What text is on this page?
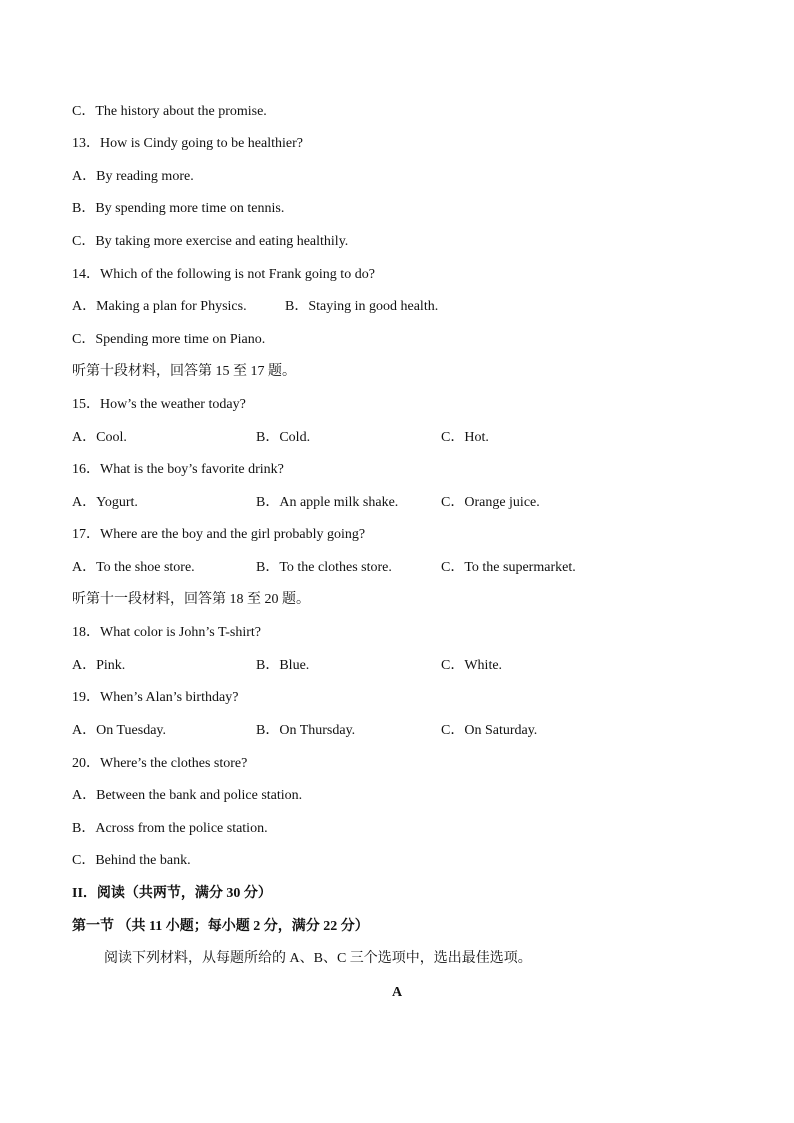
C．The history about the promise.
13．How is Cindy going to be healthier?
A．By reading more.
B．By spending more time on tennis.
C．By taking more exercise and eating healthily.
14．Which of the following is not Frank going to do?
A．Making a plan for Physics.	B．Staying in good health.
C．Spending more time on Piano.
听第十段材料，回答第 15 至 17 题。
15．How’s the weather today?
A．Cool.	B．Cold.	C．Hot.
16．What is the boy’s favorite drink?
A．Yogurt.	B．An apple milk shake.	C．Orange juice.
17．Where are the boy and the girl probably going?
A．To the shoe store.	B．To the clothes store.	C．To the supermarket.
听第十一段材料，回答第 18 至 20 题。
18．What color is John’s T-shirt?
A．Pink.	B．Blue.	C．White.
19．When’s Alan’s birthday?
A．On Tuesday.	B．On Thursday.	C．On Saturday.
20．Where’s the clothes store?
A．Between the bank and police station.
B．Across from the police station.
C．Behind the bank.
II．阅读（共两节，满分 30 分）
第一节 （共 11 小题；每小题 2 分，满分 22 分）
阅读下列材料，从每题所给的 A、B、C 三个选项中，选出最佳选项。
A
